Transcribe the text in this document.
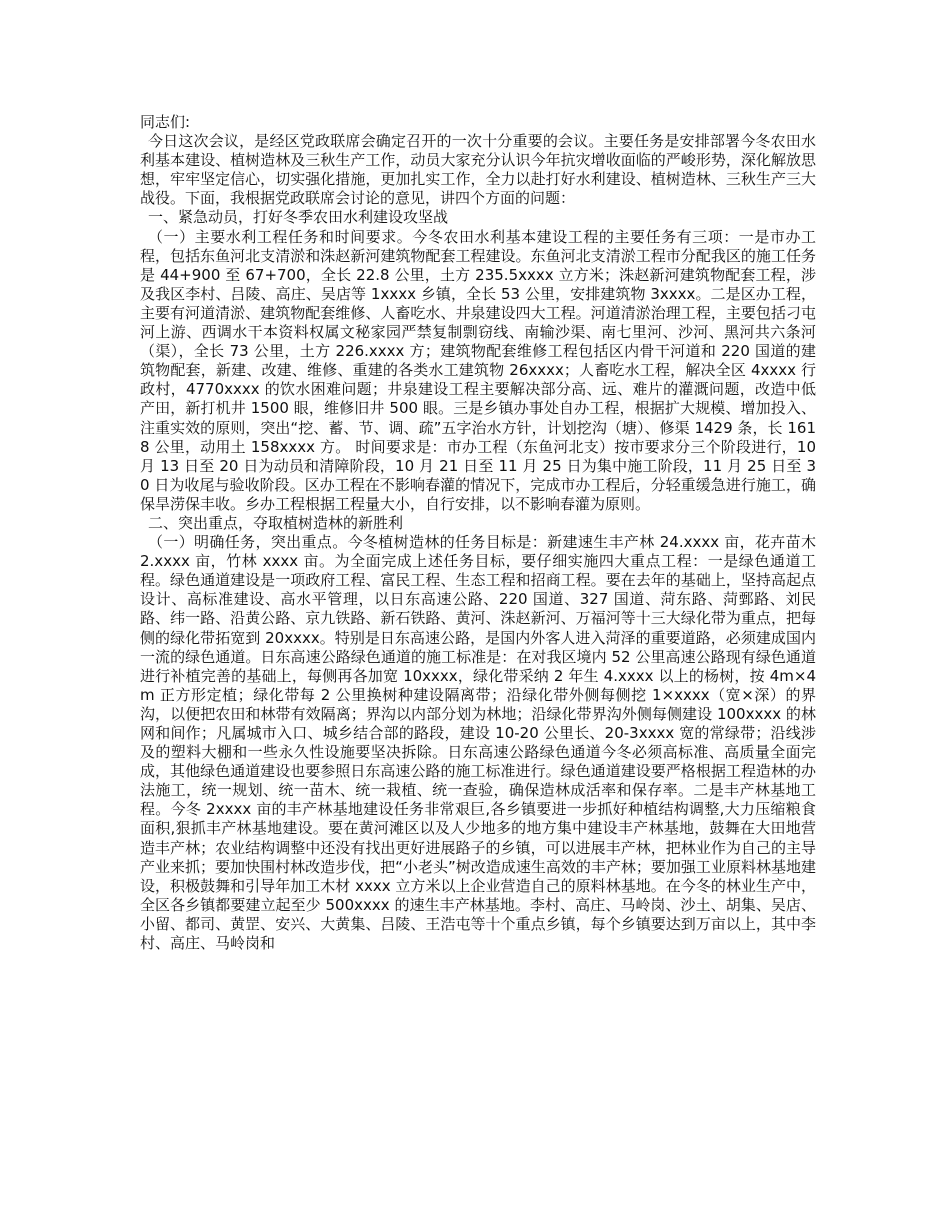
同志们:

今日这次会议，是经区党政联席会确定召开的一次十分重要的会议。主要任务是安排部署今冬农田水利基本建设、植树造林及三秋生产工作，动员大家充分认识今年抗灾增收面临的严峻形势，深化解放思想，牢牢坚定信心，切实强化措施，更加扎实工作，全力以赴打好水利建设、植树造林、三秋生产三大战役。下面，我根据党政联席会讨论的意见，讲四个方面的问题：

一、紧急动员，打好冬季农田水利建设攻坚战

（一）主要水利工程任务和时间要求。今冬农田水利基本建设工程的主要任务有三项：一是市办工程，包括东鱼河北支清淤和洙赵新河建筑物配套工程建设。东鱼河北支清淤工程市分配我区的施工任务是 44+900 至 67+700，全长 22.8 公里，土方 235.5xxxx 立方米；洙赵新河建筑物配套工程，涉及我区李村、吕陵、高庄、吴店等 1xxxx 乡镇，全长 53 公里，安排建筑物 3xxxx。二是区办工程，主要有河道清淤、建筑物配套维修、人畜吃水、井泉建设四大工程。河道清淤治理工程，主要包括刁屯河上游、西调水干本资料权属文秘家园严禁复制剽窃线、南输沙渠、南七里河、沙河、黑河共六条河（渠），全长 73 公里，土方 226.xxxx 方；建筑物配套维修工程包括区内骨干河道和 220 国道的建筑物配套，新建、改建、维修、重建的各类水工建筑物 26xxxx；人畜吃水工程，解决全区 4xxxx 行政村，4770xxxx 的饮水困难问题；井泉建设工程主要解决部分高、远、难片的灌溉问题，改造中低产田，新打机井 1500 眼，维修旧井 500 眼。三是乡镇办事处自办工程，根据扩大规模、增加投入、注重实效的原则，突出“挖、蓄、节、调、疏”五字治水方针，计划挖沟（塘）、修渠 1429 条，长 1618 公里，动用土 158xxxx 方。 时间要求是：市办工程（东鱼河北支）按市要求分三个阶段进行，10 月 13 日至 20 日为动员和清障阶段，10 月 21 日至 11 月 25 日为集中施工阶段，11 月 25 日至 30 日为收尾与验收阶段。区办工程在不影响春灌的情况下，完成市办工程后，分轻重缓急进行施工，确保旱涝保丰收。乡办工程根据工程量大小，自行安排，以不影响春灌为原则。

二、突出重点，夺取植树造林的新胜利

（一）明确任务，突出重点。今冬植树造林的任务目标是：新建速生丰产林 24.xxxx 亩，花卉苗木 2.xxxx 亩，竹林 xxxx 亩。为全面完成上述任务目标，要仔细实施四大重点工程：一是绿色通道工程。绿色通道建设是一项政府工程、富民工程、生态工程和招商工程。要在去年的基础上，坚持高起点设计、高标准建设、高水平管理，以日东高速公路、220 国道、327 国道、菏东路、菏鄄路、刘民路、纬一路、沿黄公路、京九铁路、新石铁路、黄河、洙赵新河、万福河等十三大绿化带为重点，把每侧的绿化带拓宽到 20xxxx。特别是日东高速公路，是国内外客人进入菏泽的重要道路，必须建成国内一流的绿色通道。日东高速公路绿色通道的施工标准是：在对我区境内 52 公里高速公路现有绿色通道进行补植完善的基础上，每侧再各加宽 10xxxx，绿化带采纳 2 年生 4.xxxx 以上的杨树，按 4m×4m 正方形定植；绿化带每 2 公里换树种建设隔离带；沿绿化带外侧每侧挖 1×xxxx（宽×深）的界沟，以便把农田和林带有效隔离；界沟以内部分划为林地；沿绿化带界沟外侧每侧建设 100xxxx 的林网和间作；凡属城市入口、城乡结合部的路段，建设 10-20 公里长、20-3xxxx 宽的常绿带；沿线涉及的塑料大棚和一些永久性设施要坚决拆除。日东高速公路绿色通道今冬必须高标准、高质量全面完成，其他绿色通道建设也要参照日东高速公路的施工标准进行。绿色通道建设要严格根据工程造林的办法施工，统一规划、统一苗木、统一栽植、统一查验，确保造林成活率和保存率。二是丰产林基地工程。今冬 2xxxx 亩的丰产林基地建设任务非常艰巨,各乡镇要进一步抓好种植结构调整,大力压缩粮食面积,狠抓丰产林基地建设。要在黄河滩区以及人少地多的地方集中建设丰产林基地，鼓舞在大田地营造丰产林；农业结构调整中还没有找出更好进展路子的乡镇，可以进展丰产林，把林业作为自己的主导产业来抓；要加快围村林改造步伐，把“小老头”树改造成速生高效的丰产林；要加强工业原料林基地建设，积极鼓舞和引导年加工木材 xxxx 立方米以上企业营造自己的原料林基地。在今冬的林业生产中，全区各乡镇都要建立起至少 500xxxx 的速生丰产林基地。李村、高庄、马岭岗、沙土、胡集、吴店、小留、都司、黄罡、安兴、大黄集、吕陵、王浩屯等十个重点乡镇，每个乡镇要达到万亩以上，其中李村、高庄、马岭岗和
